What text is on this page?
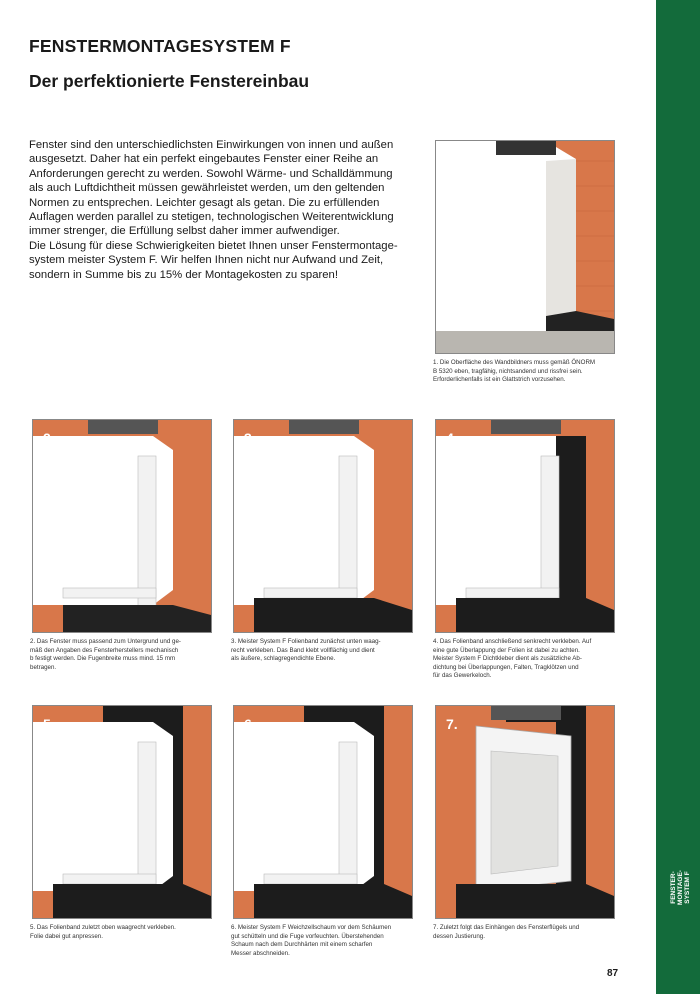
FENSTER- MONTAGE- SYSTEM F
FENSTERMONTAGESYSTEM F
Der perfektionierte Fenstereinbau

Fenster sind den unterschiedlichsten Einwirkungen von innen und außen

ausgesetzt. Daher hat ein perfekt eingebautes Fenster einer Reihe an

Anforderungen gerecht zu werden. Sowohl Wärme- und Schalldämmung

als auch Luftdichtheit müssen gewährleistet werden, um den geltenden

Normen zu entsprechen. Leichter gesagt als getan. Die zu erfüllenden

Auflagen werden parallel zu stetigen, technologischen Weiterentwicklung

immer strenger, die Erfüllung selbst daher immer aufwendiger.

Die Lösung für diese Schwierigkeiten bietet Ihnen unser Fenstermontage-

system meister System F. Wir helfen Ihnen nicht nur Aufwand und Zeit,

sondern in Summe bis zu 15% der Montagekosten zu sparen!

1.
1. Die Oberfläche des Wandbildners muss gemäß ÖNORM
B 5320 eben, tragfähig, nichtsandend und rissfrei sein.
Erforderlichenfalls ist ein Glattstrich vorzusehen.
2.
2. Das Fenster muss passend zum Untergrund und ge-
mäß den Angaben des Fensterherstellers mechanisch
b festigt werden. Die Fugenbreite muss mind. 15 mm
betragen.
3.
3. Meister System F Folienband zunächst unten waag-
recht verkleben. Das Band klebt vollflächig und dient
als äußere, schlagregendichte Ebene.
4.
4. Das Folienband anschließend senkrecht verkleben. Auf
eine gute Überlappung der Folien ist dabei zu achten.
Meister System F Dichtkleber dient als zusätzliche Ab-
dichtung bei Überlappungen, Falten, Tragklötzen und
für das Gewerkeloch.
5.
5. Das Folienband zuletzt oben waagrecht verkleben.
Folie dabei gut anpressen.
6.
6. Meister System F Weichzellschaum vor dem Schäumen
gut schütteln und die Fuge vorfeuchten. Überstehenden
Schaum nach dem Durchhärten mit einem scharfen
Messer abschneiden.
7.
7. Zuletzt folgt das Einhängen des Fensterflügels und
dessen Justierung.
87
